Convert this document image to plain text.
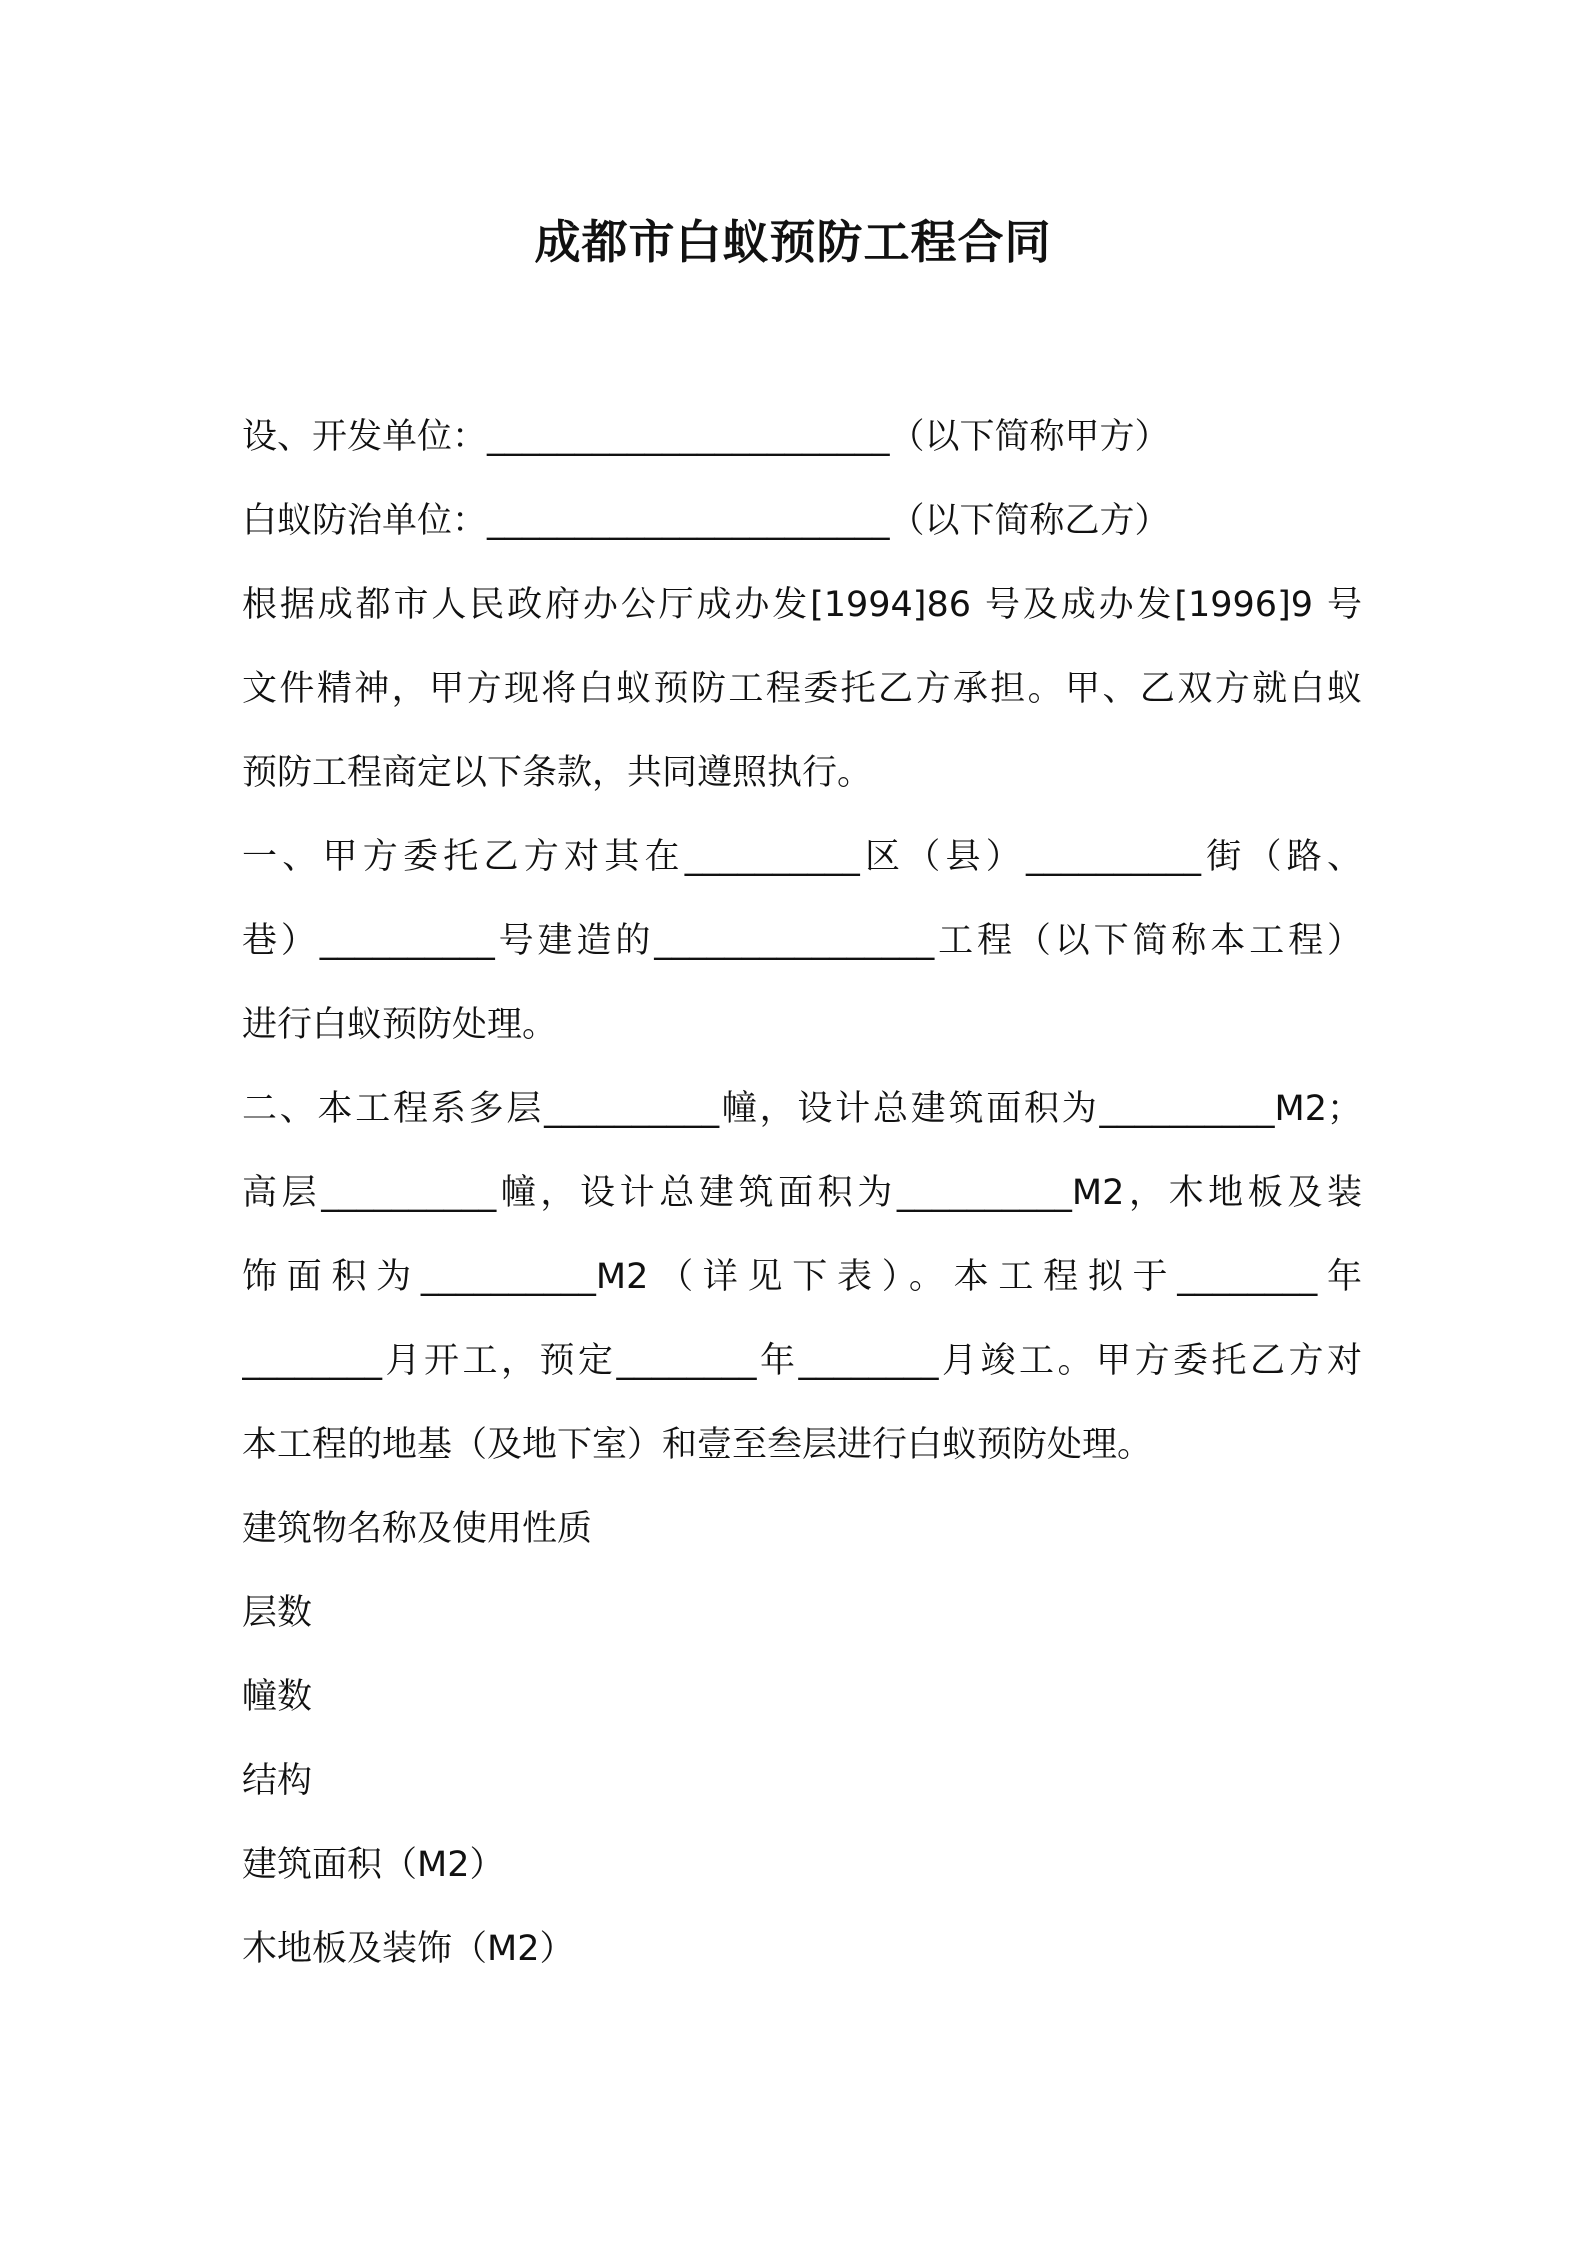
成都市白蚁预防工程合同
设、开发单位：_______________________（以下简称甲方）
白蚁防治单位：_______________________（以下简称乙方）
根据成都市人民政府办公厅成办发[1994]86 号及成办发[1996]9 号
文件精神，甲方现将白蚁预防工程委托乙方承担。甲、乙双方就白蚁
预防工程商定以下条款，共同遵照执行。
一、甲方委托乙方对其在__________区（县）__________街（路、
巷）__________号建造的________________工程（以下简称本工程）
进行白蚁预防处理。
二、本工程系多层__________幢，设计总建筑面积为__________M2；
高层__________幢，设计总建筑面积为__________M2，木地板及装
饰面积为__________M2（详见下表）。本工程拟于________年
________月开工，预定________年________月竣工。甲方委托乙方对
本工程的地基（及地下室）和壹至叁层进行白蚁预防处理。
建筑物名称及使用性质
层数
幢数
结构
建筑面积（M2）
木地板及装饰（M2）
